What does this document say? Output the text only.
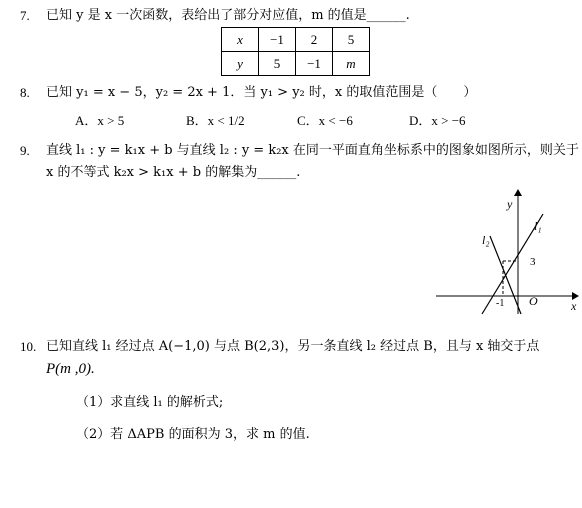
7. 已知 y 是 x 一次函数，表给出了部分对应值，m 的值是______.
x	−1	2	5
y	5	−1	m
8. 已知 y₁ = x − 5，y₂ = 2x + 1．当 y₁ > y₂ 时，x 的取值范围是（　　）
A．x > 5	B．x < 1/2	C．x < −6	D．x > −6
9. 直线 l₁ : y = k₁x + b 与直线 l₂ : y = k₂x 在同一平面直角坐标系中的图象如图所示，则关于
x 的不等式 k₂x > k₁x + b 的解集为______.
y
x
O
l₁
l₂
3
-1
10. 已知直线 l₁ 经过点 A(−1,0) 与点 B(2,3)，另一条直线 l₂ 经过点 B，且与 x 轴交于点
P(m ,0).
（1）求直线 l₁ 的解析式;
（2）若 ΔAPB 的面积为 3，求 m 的值.
